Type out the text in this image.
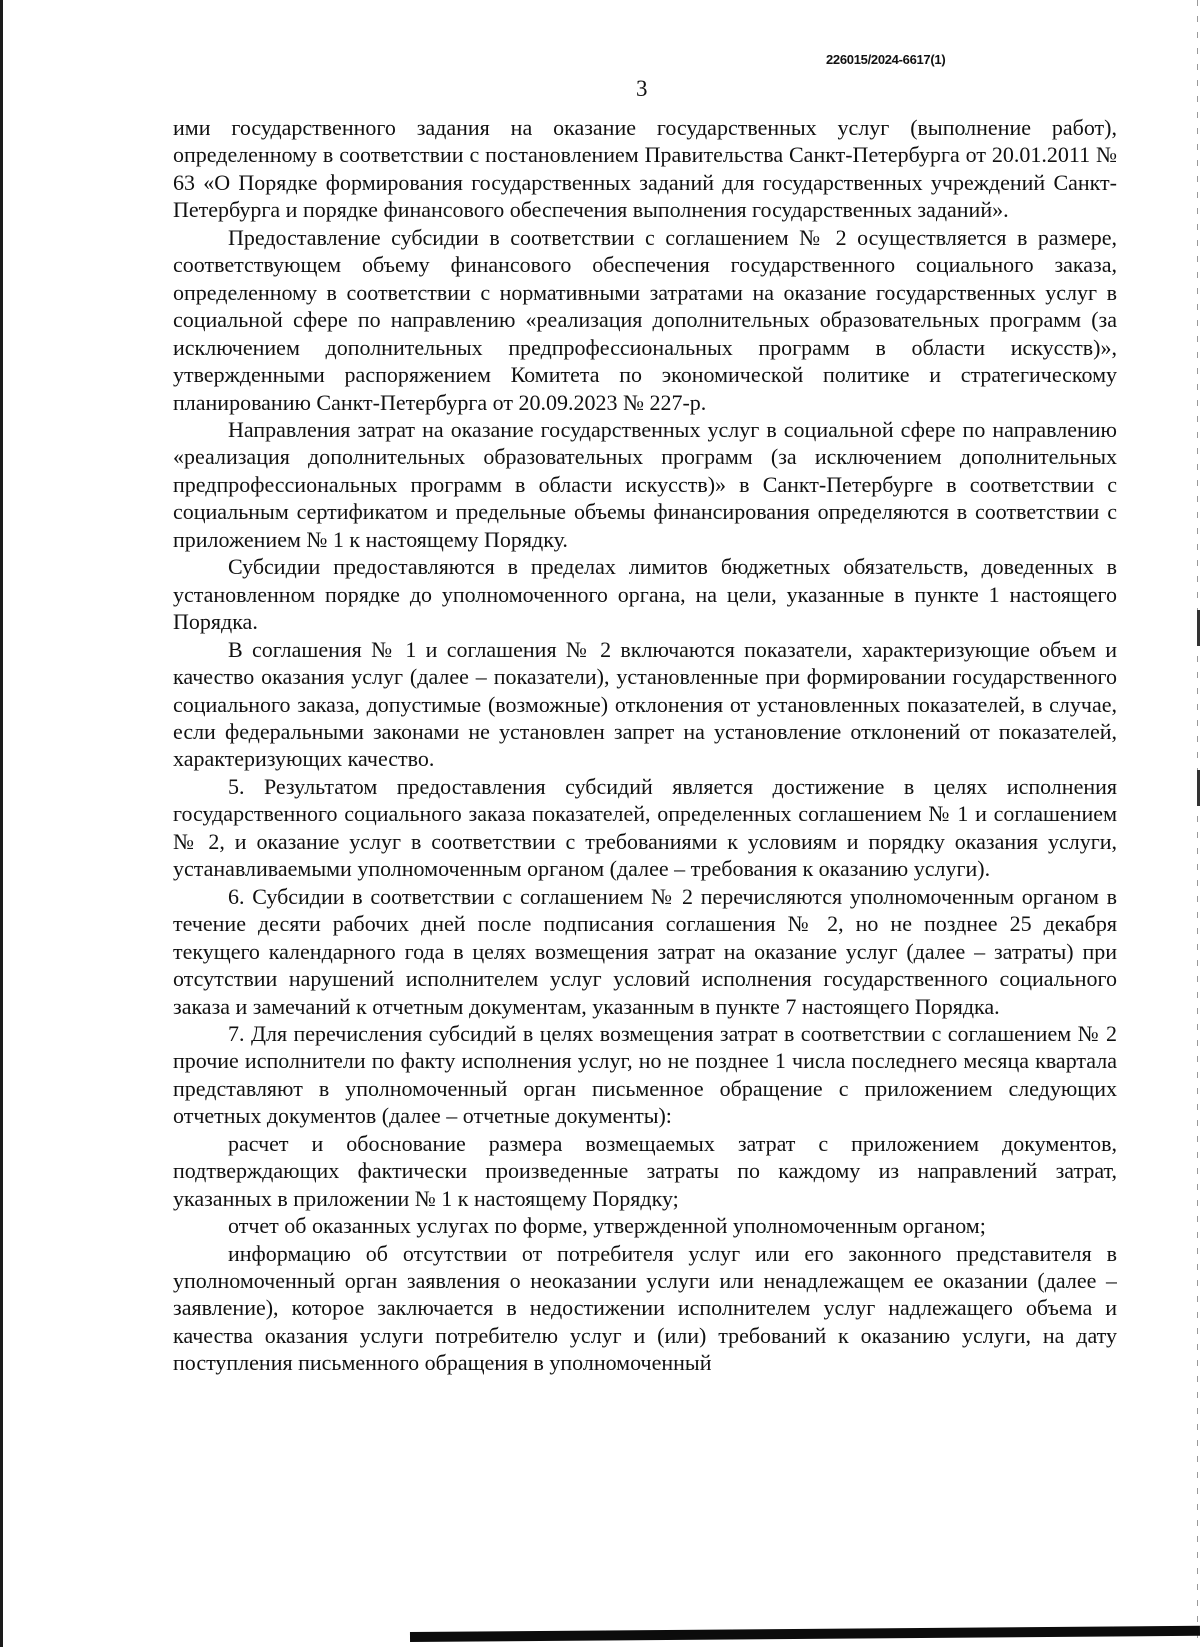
226015/2024-6617(1)
3

ими государственного задания на оказание государственных услуг (выполнение работ), определенному в соответствии с постановлением Правительства Санкт-Петербурга от 20.01.2011 № 63 «О Порядке формирования государственных заданий для государственных учреждений Санкт-Петербурга и порядке финансового обеспечения выполнения государственных заданий».

Предоставление субсидии в соответствии с соглашением № 2 осуществляется в размере, соответствующем объему финансового обеспечения государственного социального заказа, определенному в соответствии с нормативными затратами на оказание государственных услуг в социальной сфере по направлению «реализация дополнительных образовательных программ (за исключением дополнительных предпрофессиональных программ в области искусств)», утвержденными распоряжением Комитета по экономической политике и стратегическому планированию Санкт-Петербурга от 20.09.2023 № 227-р.

Направления затрат на оказание государственных услуг в социальной сфере по направлению «реализация дополнительных образовательных программ (за исключением дополнительных предпрофессиональных программ в области искусств)» в Санкт-Петербурге в соответствии с социальным сертификатом и предельные объемы финансирования определяются в соответствии с приложением № 1 к настоящему Порядку.

Субсидии предоставляются в пределах лимитов бюджетных обязательств, доведенных в установленном порядке до уполномоченного органа, на цели, указанные в пункте 1 настоящего Порядка.

В соглашения № 1 и соглашения № 2 включаются показатели, характеризующие объем и качество оказания услуг (далее – показатели), установленные при формировании государственного социального заказа, допустимые (возможные) отклонения от установленных показателей, в случае, если федеральными законами не установлен запрет на установление отклонений от показателей, характеризующих качество.

5. Результатом предоставления субсидий является достижение в целях исполнения государственного социального заказа показателей, определенных соглашением № 1 и соглашением № 2, и оказание услуг в соответствии с требованиями к условиям и порядку оказания услуги, устанавливаемыми уполномоченным органом (далее – требования к оказанию услуги).

6. Субсидии в соответствии с соглашением № 2 перечисляются уполномоченным органом в течение десяти рабочих дней после подписания соглашения № 2, но не позднее 25 декабря текущего календарного года в целях возмещения затрат на оказание услуг (далее – затраты) при отсутствии нарушений исполнителем услуг условий исполнения государственного социального заказа и замечаний к отчетным документам, указанным в пункте 7 настоящего Порядка.

7. Для перечисления субсидий в целях возмещения затрат в соответствии с соглашением № 2 прочие исполнители по факту исполнения услуг, но не позднее 1 числа последнего месяца квартала представляют в уполномоченный орган письменное обращение с приложением следующих отчетных документов (далее – отчетные документы):

расчет и обоснование размера возмещаемых затрат с приложением документов, подтверждающих фактически произведенные затраты по каждому из направлений затрат, указанных в приложении № 1 к настоящему Порядку;

отчет об оказанных услугах по форме, утвержденной уполномоченным органом;

информацию об отсутствии от потребителя услуг или его законного представителя в уполномоченный орган заявления о неоказании услуги или ненадлежащем ее оказании (далее – заявление), которое заключается в недостижении исполнителем услуг надлежащего объема и качества оказания услуги потребителю услуг и (или) требований к оказанию услуги, на дату поступления письменного обращения в уполномоченный
